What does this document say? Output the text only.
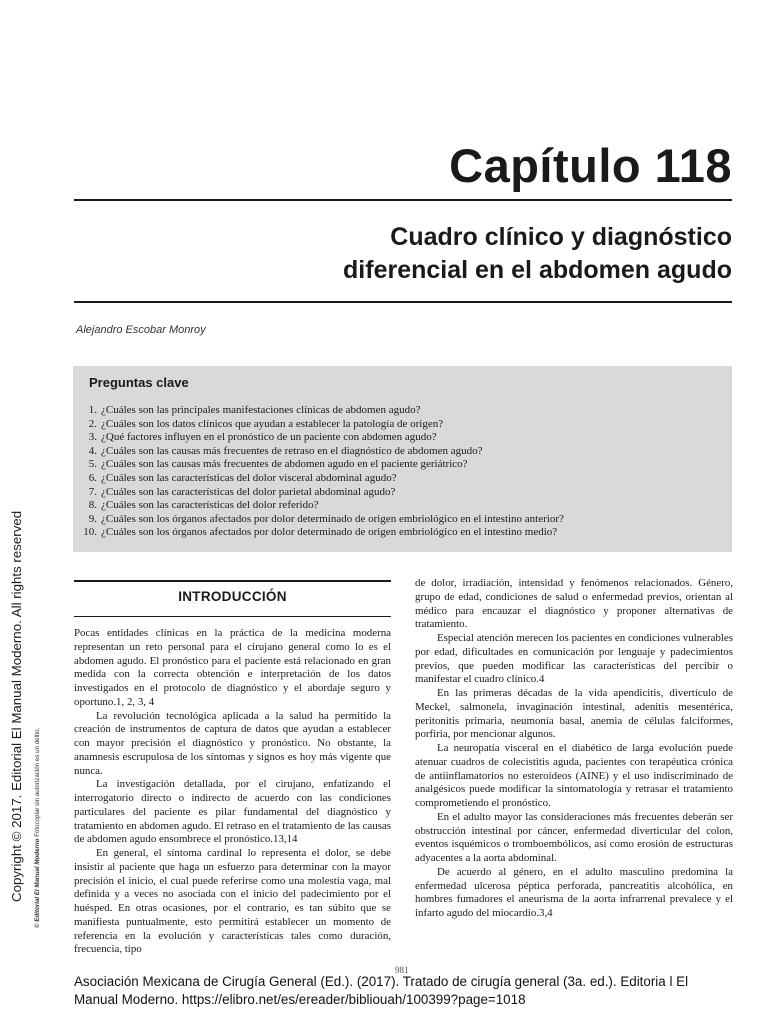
Capítulo 118
Cuadro clínico y diagnóstico
diferencial en el abdomen agudo
Alejandro Escobar Monroy
Preguntas clave
1. ¿Cuáles son las principales manifestaciones clínicas de abdomen agudo?
2. ¿Cuáles son los datos clínicos que ayudan a establecer la patología de origen?
3. ¿Qué factores influyen en el pronóstico de un paciente con abdomen agudo?
4. ¿Cuáles son las causas más frecuentes de retraso en el diagnóstico de abdomen agudo?
5. ¿Cuáles son las causas más frecuentes de abdomen agudo en el paciente geriátrico?
6. ¿Cuáles son las características del dolor visceral abdominal agudo?
7. ¿Cuáles son las características del dolor parietal abdominal agudo?
8. ¿Cuáles son las características del dolor referido?
9. ¿Cuáles son los órganos afectados por dolor determinado de origen embriológico en el intestino anterior?
10. ¿Cuáles son los órganos afectados por dolor determinado de origen embriológico en el intestino medio?
Copyright © 2017. Editorial El Manual Moderno. All rights reserved © Editorial El Manual Moderno Fotocopiar sin autorización es un delito.
INTRODUCCIÓN

Pocas entidades clínicas en la práctica de la medicina moderna representan un reto personal para el cirujano general como lo es el abdomen agudo. El pronóstico para el paciente está relacionado en gran medida con la correcta obtención e interpretación de los datos investigados en el protocolo de diagnóstico y el abordaje seguro y oportuno.1, 2, 3, 4

La revolución tecnológica aplicada a la salud ha permitido la creación de instrumentos de captura de datos que ayudan a establecer con mayor precisión el diagnóstico y pronóstico. No obstante, la anamnesis escrupulosa de los síntomas y signos es hoy más vigente que nunca.

La investigación detallada, por el cirujano, enfatizando el interrogatorio directo o indirecto de acuerdo con las condiciones particulares del paciente es pilar fundamental del diagnóstico y tratamiento en abdomen agudo. El retraso en el tratamiento de las causas de abdomen agudo ensombrece el pronóstico.13,14

En general, el síntoma cardinal lo representa el dolor, se debe insistir al paciente que haga un esfuerzo para determinar con la mayor precisión el inicio, el cual puede referirse como una molestia vaga, mal definida y a veces no asociada con el inicio del padecimiento por el huésped. En otras ocasiones, por el contrario, es tan súbito que se manifiesta puntualmente, esto permitirá establecer un momento de referencia en la evolución y características tales como duración, frecuencia, tipo

de dolor, irradiación, intensidad y fenómenos relacionados. Género, grupo de edad, condiciones de salud o enfermedad previos, orientan al médico para encauzar el diagnóstico y proponer alternativas de tratamiento.

Especial atención merecen los pacientes en condiciones vulnerables por edad, dificultades en comunicación por lenguaje y padecimientos previos, que pueden modificar las características del percibir o manifestar el cuadro clínico.4

En las primeras décadas de la vida apendicitis, divertículo de Meckel, salmonela, invaginación intestinal, adenitis mesentérica, peritonitis primaria, neumonía basal, anemia de células falciformes, porfiria, por mencionar algunos.

La neuropatía visceral en el diabético de larga evolución puede atenuar cuadros de colecistitis aguda, pacientes con terapéutica crónica de antiinflamatorios no esteroideos (AINE) y el uso indiscriminado de analgésicos puede modificar la sintomatología y retrasar el tratamiento comprometiendo el pronóstico.

En el adulto mayor las consideraciones más frecuentes deberán ser obstrucción intestinal por cáncer, enfermedad diverticular del colon, eventos isquémicos o tromboembólicos, así como erosión de estructuras adyacentes a la aorta abdominal.

De acuerdo al género, en el adulto masculino predomina la enfermedad ulcerosa péptica perforada, pancreatitis alcohólica, en hombres fumadores el aneurisma de la aorta infrarrenal prevalece y el infarto agudo del miocardio.3,4

981
Asociación Mexicana de Cirugía General (Ed.). (2017). Tratado de cirugía general (3a. ed.). Editoria l El Manual Moderno. https://elibro.net/es/ereader/bibliouah/100399?page=1018
